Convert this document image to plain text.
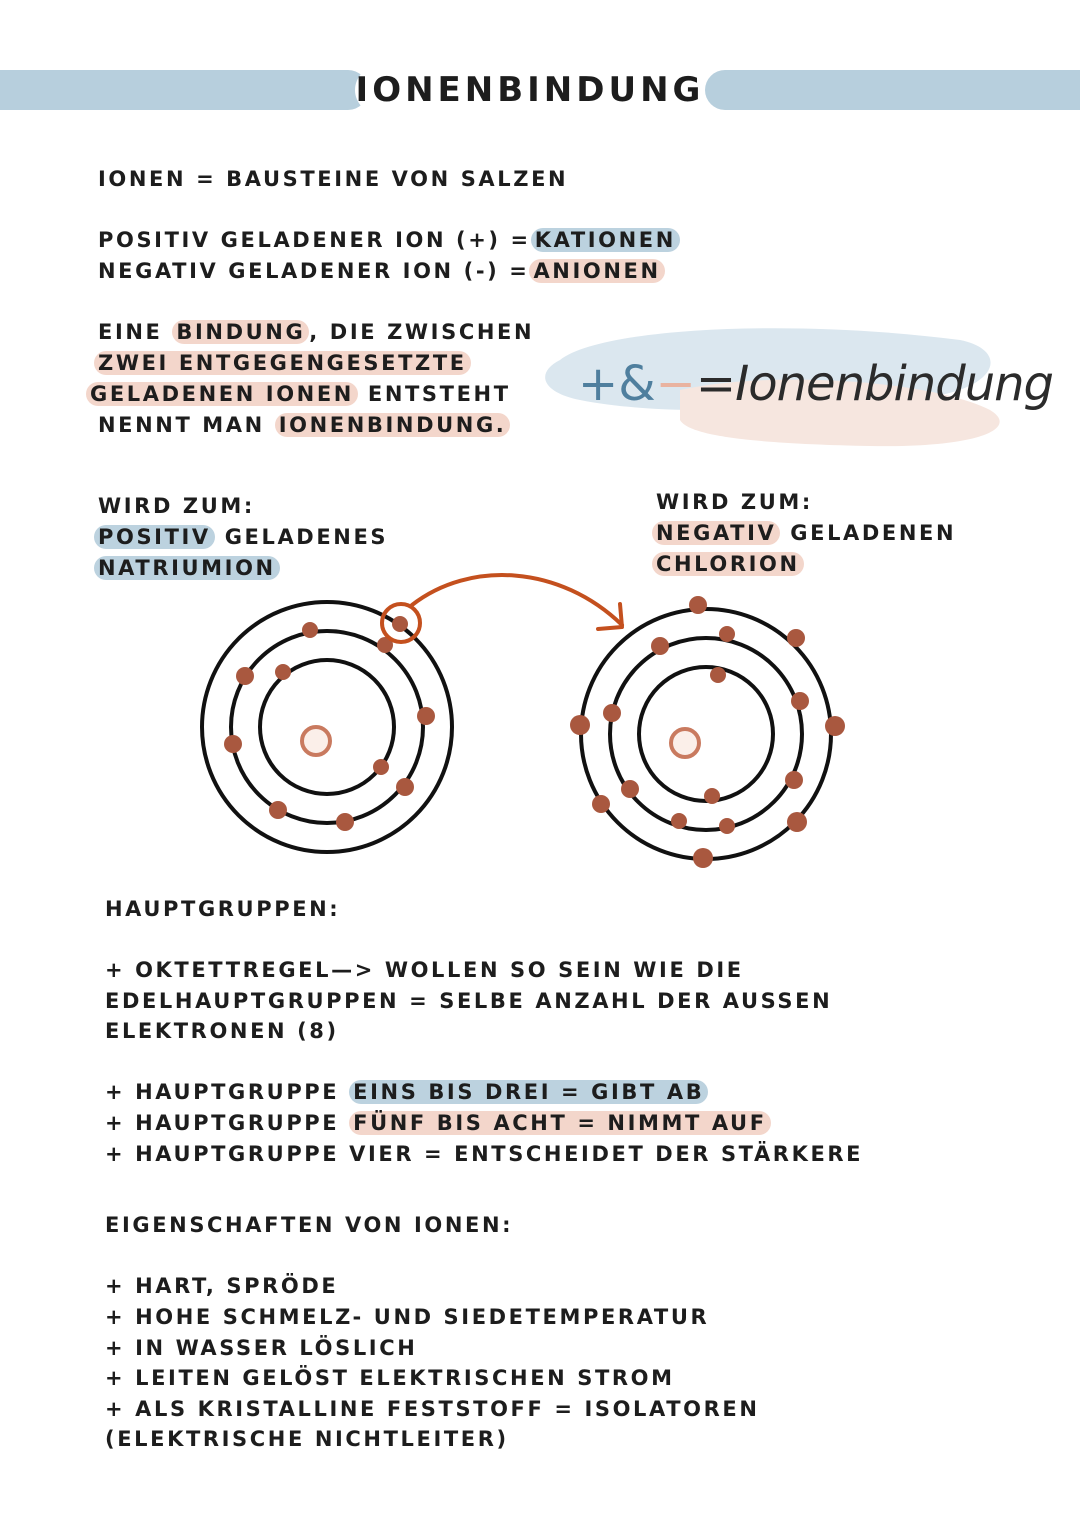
IONENBINDUNG

IONEN = BAUSTEINE VON SALZEN

POSITIV GELADENER ION (+) = KATIONEN

NEGATIV GELADENER ION (-) = ANIONEN

EINE BINDUNG , DIE ZWISCHEN

ZWEI ENTGEGENGESETZTE

GELADENEN IONEN ENTSTEHT

NENNT MAN IONENBINDUNG.

+&−=Ionenbindung

WIRD ZUM:

POSITIV GELADENES

NATRIUMION

WIRD ZUM:

NEGATIV GELADENEN

CHLORION

HAUPTGRUPPEN:

+ OKTETTREGEL—> WOLLEN SO SEIN WIE DIE

EDELHAUPTGRUPPEN = SELBE ANZAHL DER AUSSEN

ELEKTRONEN (8)

+ HAUPTGRUPPE EINS BIS DREI = GIBT AB

+ HAUPTGRUPPE FÜNF BIS ACHT = NIMMT AUF

+ HAUPTGRUPPE VIER = ENTSCHEIDET DER STÄRKERE

EIGENSCHAFTEN VON IONEN:

+ HART, SPRÖDE

+ HOHE SCHMELZ- UND SIEDETEMPERATUR

+ IN WASSER LÖSLICH

+ LEITEN GELÖST ELEKTRISCHEN STROM

+ ALS KRISTALLINE FESTSTOFF = ISOLATOREN

(ELEKTRISCHE NICHTLEITER)
